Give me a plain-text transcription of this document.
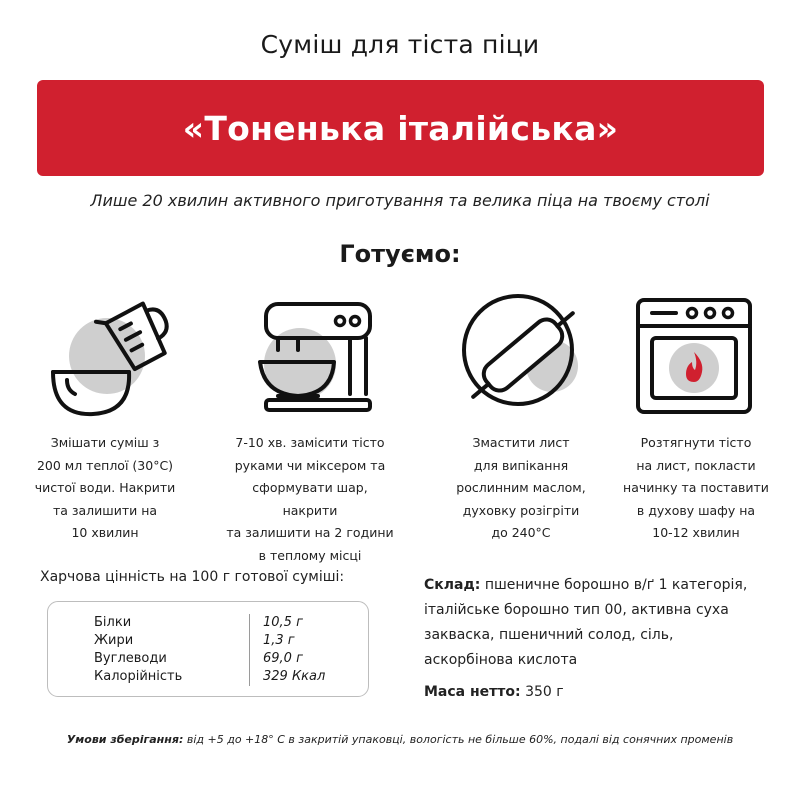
Суміш для тіста піци
«Тоненька італійська»
Лише 20 хвилин активного приготування та велика піца на твоєму столі
Готуємо:
Змішати суміш з
200 мл теплої (30°С)
чистої води. Накрити
та залишити на
10 хвилин
7-10 хв. замісити тісто
руками чи міксером та
сформувати шар, накрити
та залишити на 2 години
в теплому місці
Змастити лист
для випікання
рослинним маслом,
духовку розігріти
до 240°С
Розтягнути тісто
на лист, покласти
начинку та поставити
в духову шафу на
10-12 хвилин
Харчова цінність на 100 г готової суміші:
Білки	10,5 г
Жири	1,3 г
Вуглеводи	69,0 г
Калорійність	329 Ккал
Склад: пшеничне борошно в/ґ 1 категорія,
італійське борошно тип 00, активна суха
закваска, пшеничний солод, сіль,
аскорбінова кислота
Маса нетто: 350 г
Умови зберігання: від +5 до +18° С в закритій упаковці, вологість не більше 60%, подалі від сонячних променів
